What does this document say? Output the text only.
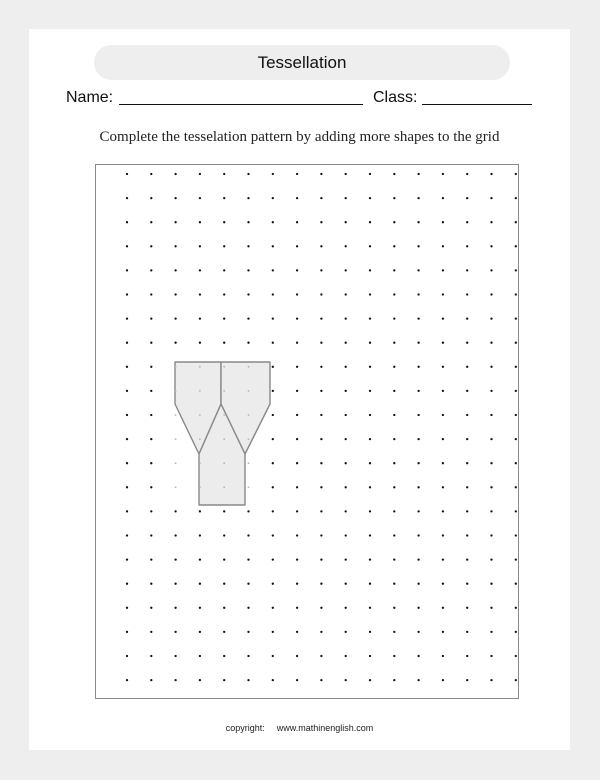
Tessellation
Name:	Class:
Complete the tesselation pattern by adding more shapes to the grid
copyright: www.mathinenglish.com
